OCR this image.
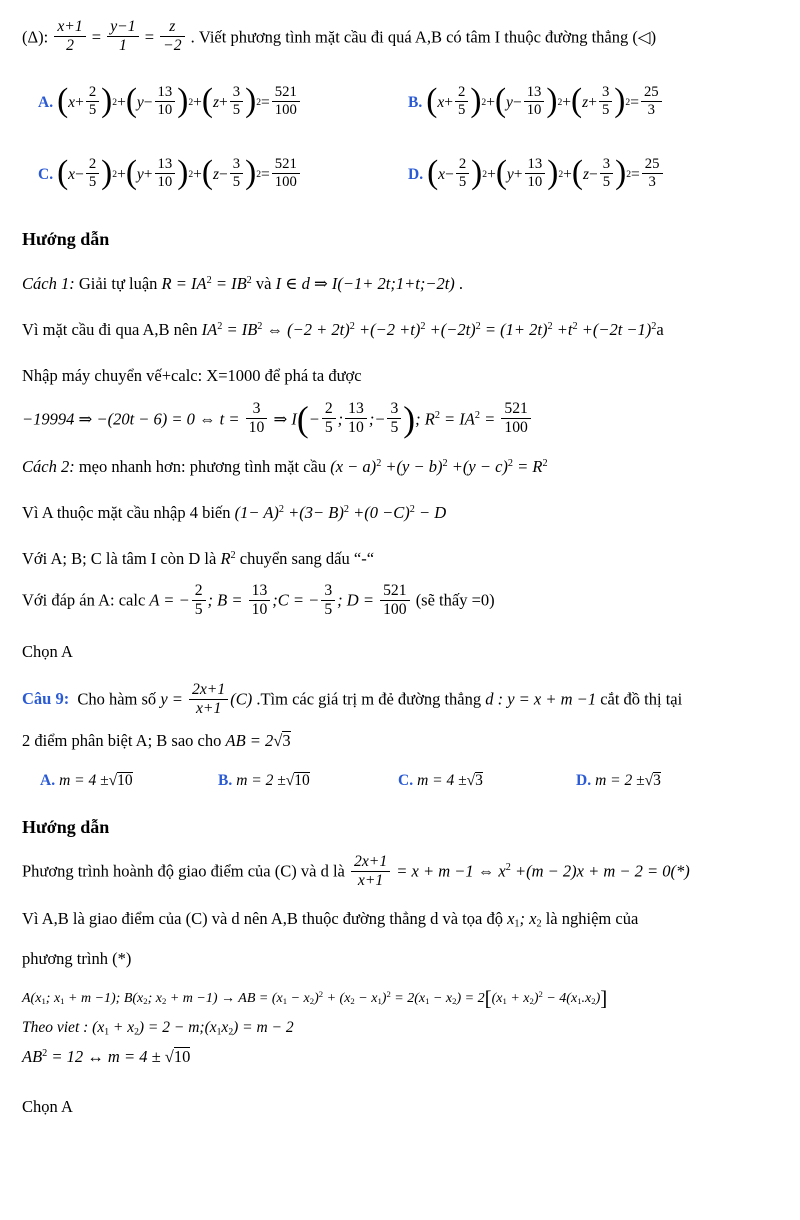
(Δ): $\frac{x+1}{2} = \frac{y-1}{1} = \frac{z}{-2}$ . Viết phương tình mặt cầu đi quá A,B có tâm I thuộc đường thẳng (◁)
A. ( $x + \frac{2}{5}$ ) 2 + ( $y - \frac{13}{10}$ ) 2 + ( $z + \frac{3}{5}$ ) $2 = \frac{521}{100}$	B. ( $x + \frac{2}{5}$ ) 2 + ( $y - \frac{13}{10}$ ) 2 + ( $z + \frac{3}{5}$ ) $2 = \frac{25}{3}$
C. ( $x - \frac{2}{5}$ ) 2 + ( $y + \frac{13}{10}$ ) 2 + ( $z - \frac{3}{5}$ ) $2 = \frac{521}{100}$	D. ( $x - \frac{2}{5}$ ) 2 + ( $y + \frac{13}{10}$ ) 2 + ( $z - \frac{3}{5}$ ) $2 = \frac{25}{3}$
Hướng dẫn
Cách 1: Giải tự luận $R = IA^2 = IB^2$ và I ∈ d ⇒ I(−1+ 2t;1+t;−2t) .
Vì mặt cầu đi qua A,B nên $IA^2 = IB^2$ ⇔ $(-2 + 2t)^2 +(-2 +t)^2 +(-2t)^2 = (1+ 2t)^2 +t^2 +(-2t -1)^2a$
Nhập máy chuyển vế+calc: X=1000 để phá ta được
−19994 ⇒ −(20t − 6) = 0 ⇔ $t = \frac{3}{10}$ ⇒ $I(- \frac{2}{5}$ ; $\frac{13}{10}$ ;− $\frac{3}{5}$ ); $R^2 = IA^2 = \frac{521}{100}$
Cách 2: mẹo nhanh hơn: phương tình mặt cầu $(x - a)^2 +(y - b)^2 +(y - c)^2 = R^2$
Vì A thuộc mặt cầu nhập 4 biến $(1- A)^2 +(3- B)^2 +(0 -C)^2 - D$
Với A; B; C là tâm I còn D là $R^2$ chuyển sang dấu “-“
Với đáp án A: calc A = − $\frac{2}{5}$ ; $B = \frac{13}{10}$ ;C = − $\frac{3}{5}$ ; $D = \frac{521}{100}$ (sẽ thấy =0)
Chọn A
Câu 9: Cho hàm số $y = \frac{2x+1}{x+1} (C)$ .Tìm các giá trị m đẻ đường thẳng d : y = x + m −1 cắt đồ thị tại
2 điểm phân biệt A; B sao cho AB = 2√3
A. m = 4 ± √10	B. m = 2 ± √10	C. m = 4 ± √3	D. m = 2 ± √3
Hướng dẫn
Phương trình hoành độ giao điểm của (C) và d là $\frac{2x+1}{x+1} = x + m -1$ ⇔ $x^2 +(m - 2)x + m - 2 = 0(*)$
Vì A,B là giao điểm của (C) và d nên A,B thuộc đường thẳng d và tọa độ x1; x2 là nghiệm của
phương trình (*)
A(x1; x1 + m −1); B(x2; x2 + m −1) → AB = $(x1 - x2)^2 + (x2 - x1)^2 = 2(x1 - x2) = 2[(x1 + x2)^2 - 4(x1.x2)]$
Theo viet : (x1 + x2) = 2 − m;(x1x2) = m − 2
$AB^2 = 12$ ↔ m = 4 ± √10
Chọn A
